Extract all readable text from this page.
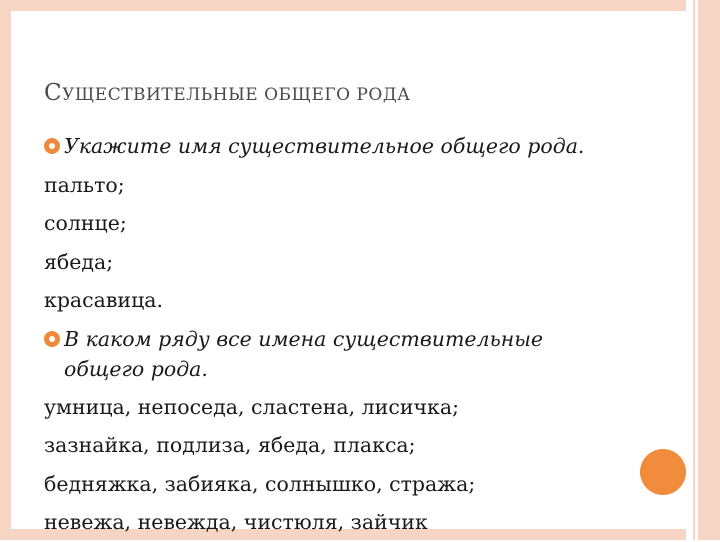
СУЩЕСТВИТЕЛЬНЫЕ ОБЩЕГО РОДА
Укажите имя существительное общего рода.
пальто;
солнце;
ябеда;
красавица.
В каком ряду все имена существительные общего рода.
умница, непоседа, сластена, лисичка;
зазнайка, подлиза, ябеда, плакса;
бедняжка, забияка, солнышко, стража;
невежа, невежда, чистюля, зайчик
